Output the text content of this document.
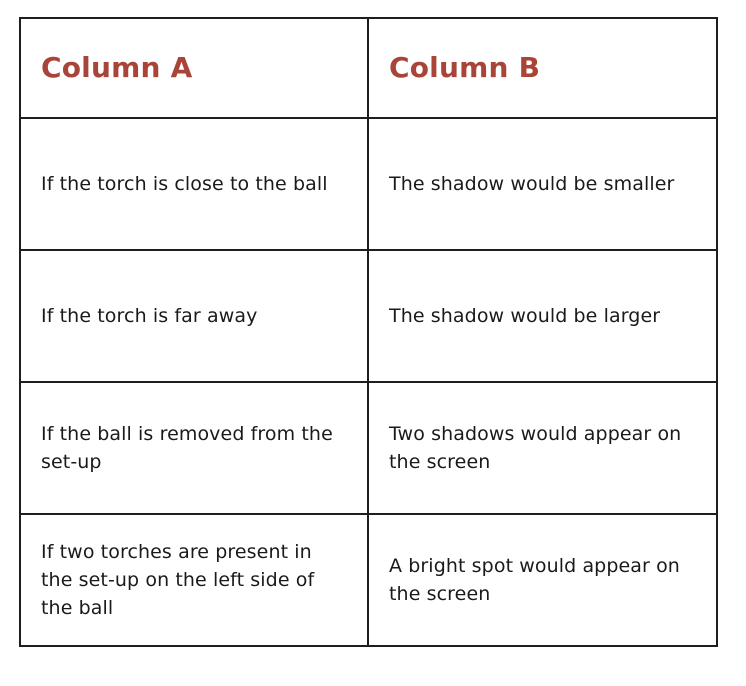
Column A	Column B
If the torch is close to the ball	The shadow would be smaller
If the torch is far away	The shadow would be larger
If the ball is removed from the set-up	Two shadows would appear on the screen
If two torches are present in the set-up on the left side of the ball	A bright spot would appear on the screen
